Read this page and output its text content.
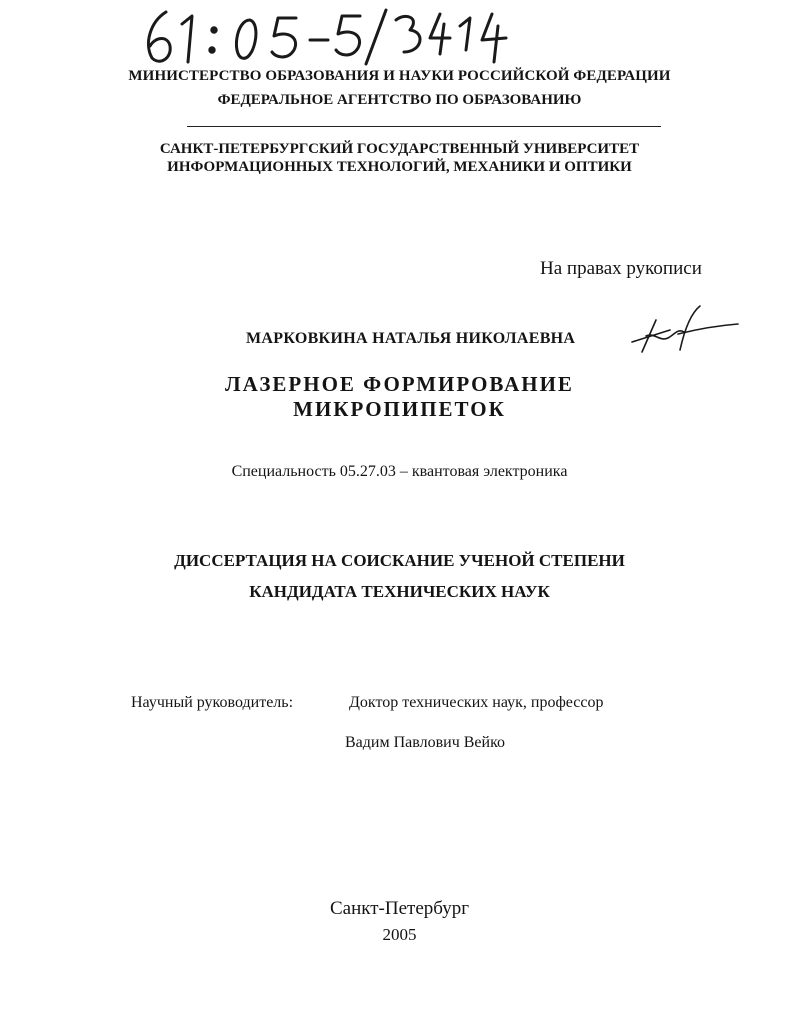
МИНИСТЕРСТВО ОБРАЗОВАНИЯ И НАУКИ РОССИЙСКОЙ ФЕДЕРАЦИИ
ФЕДЕРАЛЬНОЕ АГЕНТСТВО ПО ОБРАЗОВАНИЮ
САНКТ-ПЕТЕРБУРГСКИЙ ГОСУДАРСТВЕННЫЙ УНИВЕРСИТЕТ
ИНФОРМАЦИОННЫХ ТЕХНОЛОГИЙ, МЕХАНИКИ И ОПТИКИ
На правах рукописи
МАРКОВКИНА НАТАЛЬЯ НИКОЛАЕВНА
ЛАЗЕРНОЕ ФОРМИРОВАНИЕ
МИКРОПИПЕТОК
Специальность 05.27.03 – квантовая электроника
ДИССЕРТАЦИЯ НА СОИСКАНИЕ УЧЕНОЙ СТЕПЕНИ
КАНДИДАТА ТЕХНИЧЕСКИХ НАУК
Научный руководитель:	Доктор технических наук, профессор
Вадим Павлович Вейко
Санкт-Петербург
2005
